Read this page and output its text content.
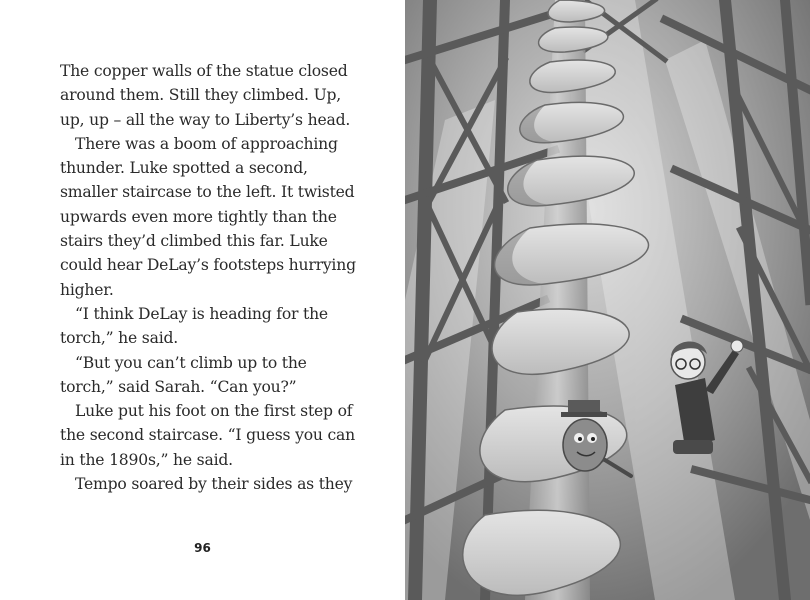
The copper walls of the statue closed around them. Still they climbed. Up, up, up – all the way to Liberty’s head.

There was a boom of approaching thunder. Luke spotted a second, smaller staircase to the left. It twisted upwards even more tightly than the stairs they’d climbed this far. Luke could hear DeLay’s footsteps hurrying higher.

“I think DeLay is heading for the torch,” he said.

“But you can’t climb up to the torch,” said Sarah. “Can you?”

Luke put his foot on the first step of the second staircase. “I guess you can in the 1890s,” he said.

Tempo soared by their sides as they

96
